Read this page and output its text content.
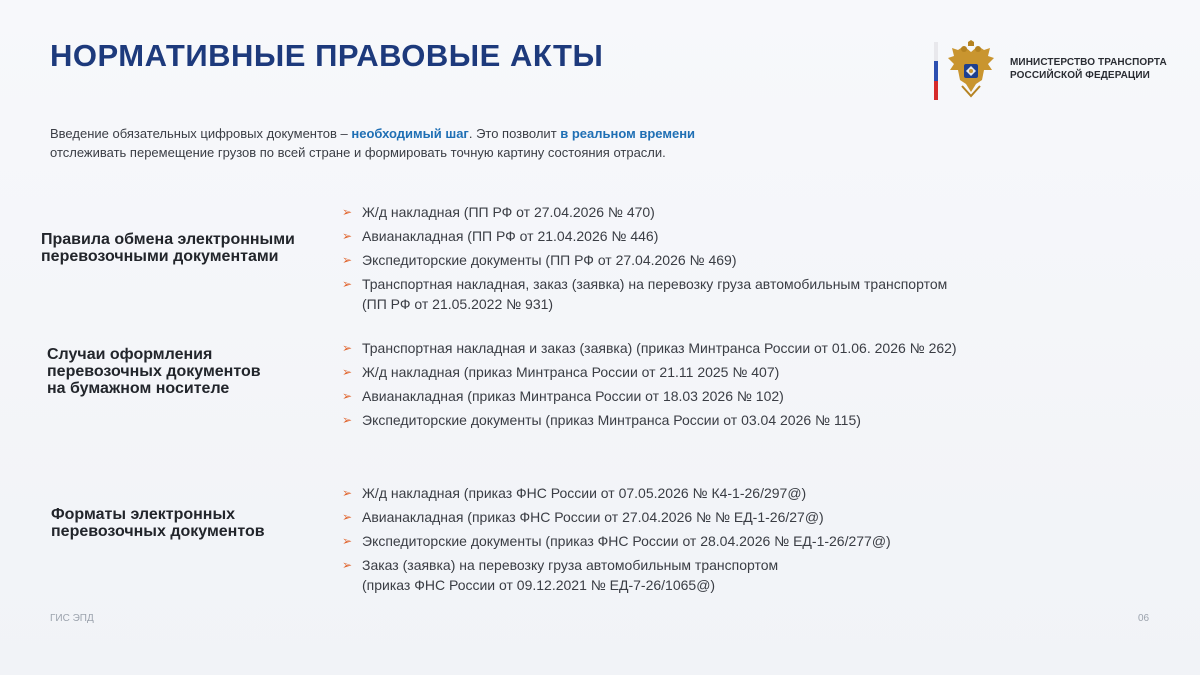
НОРМАТИВНЫЕ ПРАВОВЫЕ АКТЫ	МИНИСТЕРСТВО ТРАНСПОРТА
РОССИЙСКОЙ ФЕДЕРАЦИИ
Введение обязательных цифровых документов – необходимый шаг. Это позволит в реальном времени отслеживать перемещение грузов по всей стране и формировать точную картину состояния отрасли.
Правила обмена электронными
перевозочными документами
➢ Ж/д накладная (ПП РФ от 27.04.2026 № 470)
➢ Авианакладная (ПП РФ от 21.04.2026 № 446)
➢ Экспедиторские документы (ПП РФ от 27.04.2026 № 469)
➢ Транспортная накладная, заказ (заявка) на перевозку груза автомобильным транспортом
(ПП РФ от 21.05.2022 № 931)
Случаи оформления
перевозочных документов
на бумажном носителе
➢ Транспортная накладная и заказ (заявка) (приказ Минтранса России от 01.06. 2026 № 262)
➢ Ж/д накладная (приказ Минтранса России от 21.11 2025 № 407)
➢ Авианакладная (приказ Минтранса России от 18.03 2026 № 102)
➢ Экспедиторские документы (приказ Минтранса России от 03.04 2026 № 115)
Форматы электронных
перевозочных документов
➢ Ж/д накладная (приказ ФНС России от 07.05.2026 № К4-1-26/297@)
➢ Авианакладная (приказ ФНС России от 27.04.2026 № № ЕД-1-26/27@)
➢ Экспедиторские документы (приказ ФНС России от 28.04.2026 № ЕД-1-26/277@)
➢ Заказ (заявка) на перевозку груза автомобильным транспортом
(приказ ФНС России от 09.12.2021 № ЕД-7-26/1065@)
ГИС ЭПД	06
